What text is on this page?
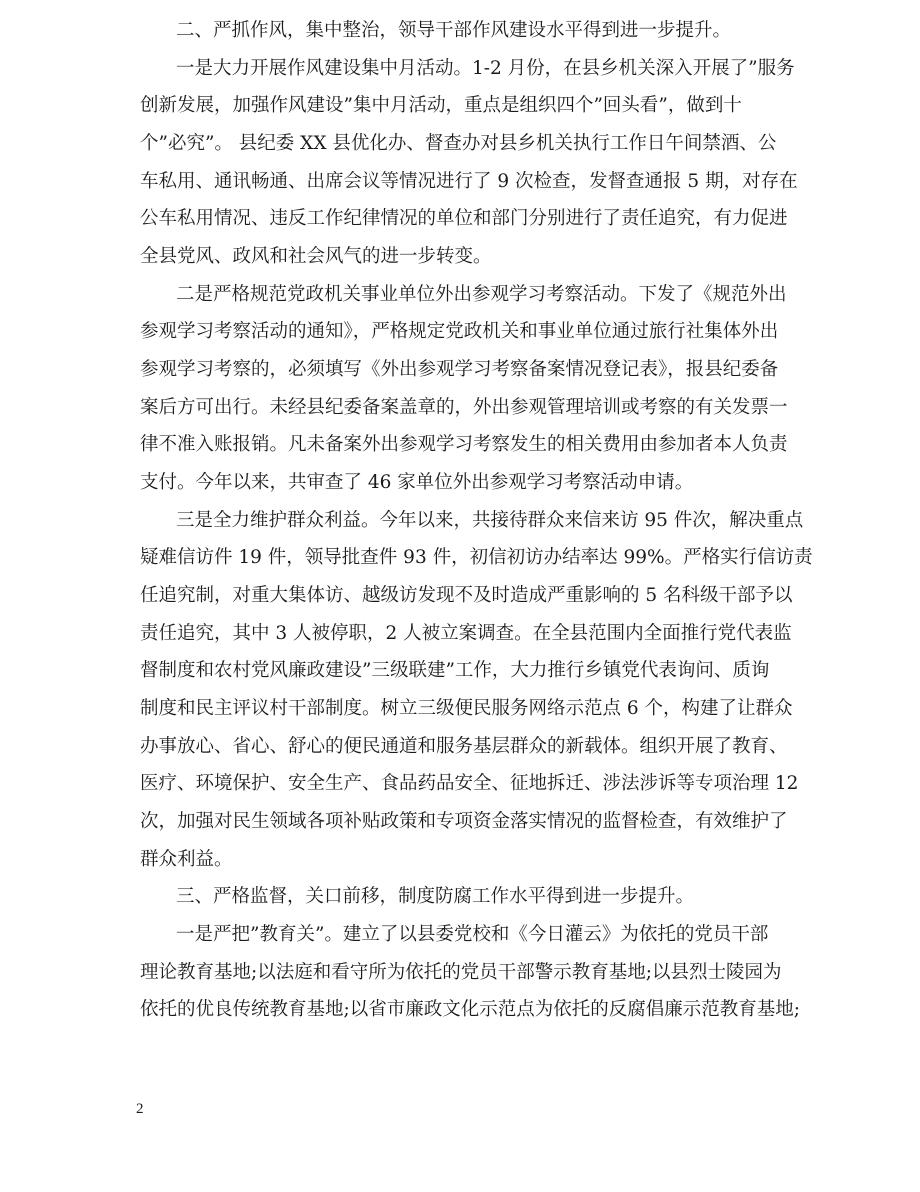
二、严抓作风，集中整治，领导干部作风建设水平得到进一步提升。
一是大力开展作风建设集中月活动。1-2 月份，在县乡机关深入开展了”服务
创新发展，加强作风建设”集中月活动，重点是组织四个”回头看”，做到十
个”必究”。 县纪委 XX 县优化办、督查办对县乡机关执行工作日午间禁酒、公
车私用、通讯畅通、出席会议等情况进行了 9 次检查，发督查通报 5 期，对存在
公车私用情况、违反工作纪律情况的单位和部门分别进行了责任追究，有力促进
全县党风、政风和社会风气的进一步转变。
二是严格规范党政机关事业单位外出参观学习考察活动。下发了《规范外出
参观学习考察活动的通知》，严格规定党政机关和事业单位通过旅行社集体外出
参观学习考察的，必须填写《外出参观学习考察备案情况登记表》，报县纪委备
案后方可出行。未经县纪委备案盖章的，外出参观管理培训或考察的有关发票一
律不准入账报销。凡未备案外出参观学习考察发生的相关费用由参加者本人负责
支付。今年以来，共审查了 46 家单位外出参观学习考察活动申请。
三是全力维护群众利益。今年以来，共接待群众来信来访 95 件次，解决重点
疑难信访件 19 件，领导批查件 93 件，初信初访办结率达 99%。严格实行信访责
任追究制，对重大集体访、越级访发现不及时造成严重影响的 5 名科级干部予以
责任追究，其中 3 人被停职，2 人被立案调查。在全县范围内全面推行党代表监
督制度和农村党风廉政建设”三级联建”工作，大力推行乡镇党代表询问、质询
制度和民主评议村干部制度。树立三级便民服务网络示范点 6 个，构建了让群众
办事放心、省心、舒心的便民通道和服务基层群众的新载体。组织开展了教育、
医疗、环境保护、安全生产、食品药品安全、征地拆迁、涉法涉诉等专项治理 12
次，加强对民生领域各项补贴政策和专项资金落实情况的监督检查，有效维护了
群众利益。
三、严格监督，关口前移，制度防腐工作水平得到进一步提升。
一是严把”教育关”。建立了以县委党校和《今日灌云》为依托的党员干部
理论教育基地;以法庭和看守所为依托的党员干部警示教育基地;以县烈士陵园为
依托的优良传统教育基地;以省市廉政文化示范点为依托的反腐倡廉示范教育基地;
2
